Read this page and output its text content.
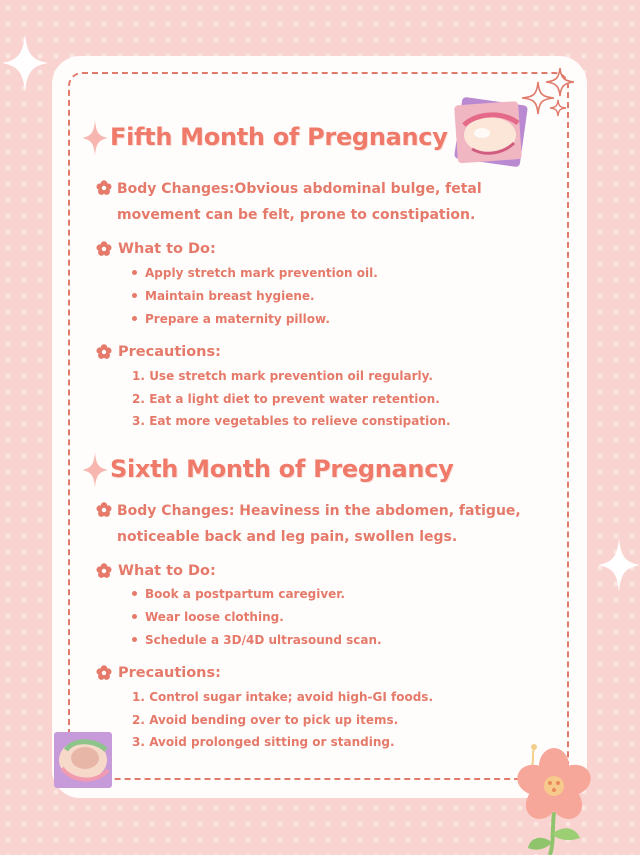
Fifth Month of Pregnancy

Body Changes:Obvious abdominal bulge, fetal movement can be felt, prone to constipation.

What to Do:
Apply stretch mark prevention oil.
Maintain breast hygiene.
Prepare a maternity pillow.
Precautions:
1. Use stretch mark prevention oil regularly.
2. Eat a light diet to prevent water retention.
3. Eat more vegetables to relieve constipation.
Sixth Month of Pregnancy

Body Changes: Heaviness in the abdomen, fatigue, noticeable back and leg pain, swollen legs.

What to Do:
Book a postpartum caregiver.
Wear loose clothing.
Schedule a 3D/4D ultrasound scan.
Precautions:
1. Control sugar intake; avoid high-GI foods.
2. Avoid bending over to pick up items.
3. Avoid prolonged sitting or standing.
